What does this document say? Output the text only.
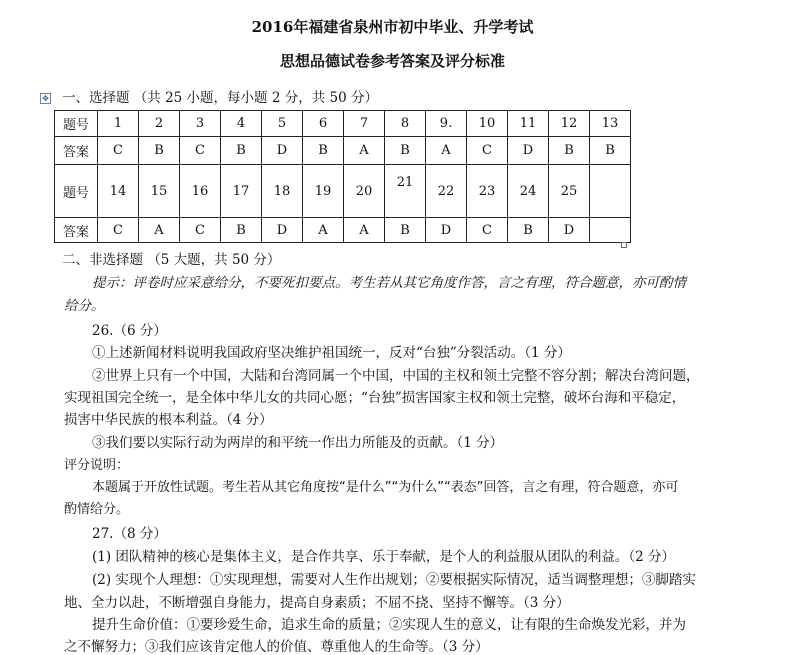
2016年福建省泉州市初中毕业、升学考试
思想品德试卷参考答案及评分标准
✥ 一、选择题 （共 25 小题，每小题 2 分，共 50 分）
题号	1	2	3	4	5	6	7	8	9.	10	11	12	13
答案	C	B	C	B	D	B	A	B	A	C	D	B	B
题号	14	15	16	17	18	19	20	21	22	23	24	25	
答案	C	A	C	B	D	A	A	B	D	C	B	D	
二、非选择题 （5 大题，共 50 分）
提示：评卷时应采意给分，不要死扣要点。考生若从其它角度作答，言之有理，符合题意，亦可酌情
给分。
26.（6 分）
①上述新闻材料说明我国政府坚决维护祖国统一，反对“台独”分裂活动。（1 分）
②世界上只有一个中国，大陆和台湾同属一个中国，中国的主权和领土完整不容分割；解决台湾问题，
实现祖国完全统一，是全体中华儿女的共同心愿；“台独”损害国家主权和领土完整，破坏台海和平稳定，
损害中华民族的根本利益。（4 分）
③我们要以实际行动为两岸的和平统一作出力所能及的贡献。（1 分）
评分说明：
本题属于开放性试题。考生若从其它角度按“是什么”“为什么”“表态”回答，言之有理，符合题意，亦可
酌情给分。
27.（8 分）
(1) 团队精神的核心是集体主义，是合作共享、乐于奉献，是个人的利益服从团队的利益。（2 分）
(2) 实现个人理想：①实现理想，需要对人生作出规划；②要根据实际情况，适当调整理想；③脚踏实
地、全力以赴，不断增强自身能力，提高自身素质；不屈不挠、坚持不懈等。（3 分）
提升生命价值：①要珍爱生命，追求生命的质量；②实现人生的意义，让有限的生命焕发光彩，并为
之不懈努力；③我们应该肯定他人的价值、尊重他人的生命等。（3 分）
